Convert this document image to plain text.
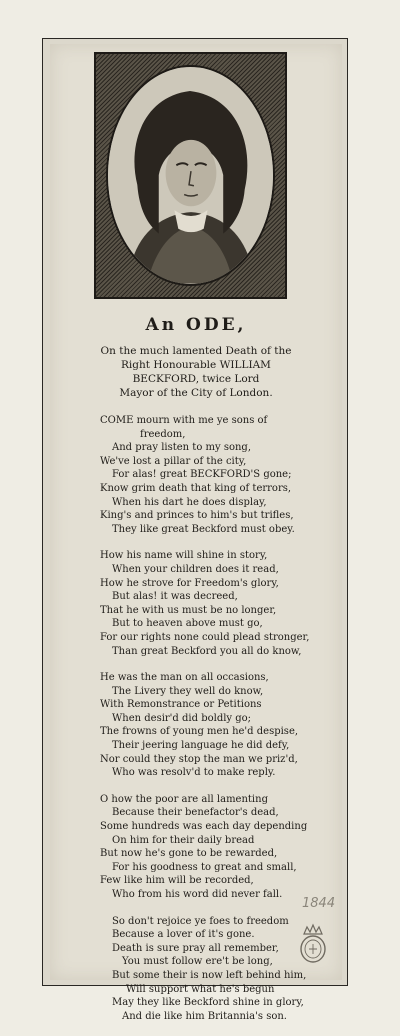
An ODE,
On the much lamented Death of the
Right Honourable WILLIAM
BECKFORD, twice Lord
Mayor of the City of London.
COME mourn with me ye sons of
freedom,
And pray listen to my song,
We've lost a pillar of the city,
For alas! great BECKFORD'S gone;
Know grim death that king of terrors,
When his dart he does display,
King's and princes to him's but trifles,
They like great Beckford must obey.
How his name will shine in story,
When your children does it read,
How he strove for Freedom's glory,
But alas! it was decreed,
That he with us must be no longer,
But to heaven above must go,
For our rights none could plead stronger,
Than great Beckford you all do know,
He was the man on all occasions,
The Livery they well do know,
With Remonstrance or Petitions
When desir'd did boldly go;
The frowns of young men he'd despise,
Their jeering language he did defy,
Nor could they stop the man we priz'd,
Who was resolv'd to make reply.
O how the poor are all lamenting
Because their benefactor's dead,
Some hundreds was each day depending
On him for their daily bread
But now he's gone to be rewarded,
For his goodness to great and small,
Few like him will be recorded,
Who from his word did never fall.
So don't rejoice ye foes to freedom
Because a lover of it's gone.
Death is sure pray all remember,
You must follow ere't be long,
But some their is now left behind him,
Will support what he's begun
May they like Beckford shine in glory,
And die like him Britannia's son.
1844
